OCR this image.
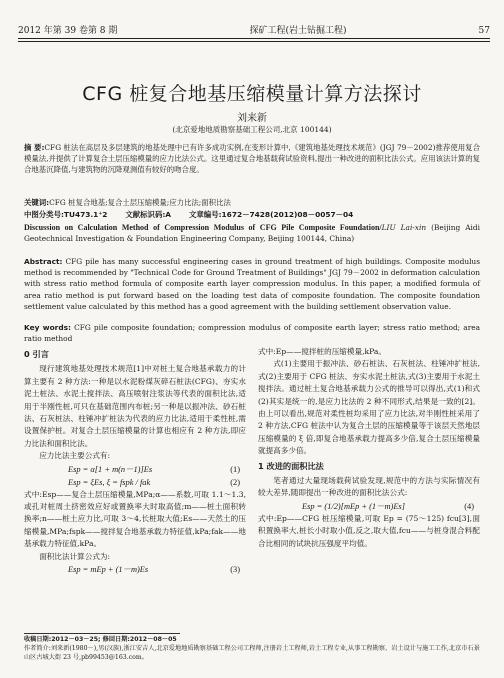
2012 年第 39 卷第 8 期	探矿工程(岩土钻掘工程)	57
CFG 桩复合地基压缩模量计算方法探讨
刘来新
(北京爱地地质勘察基础工程公司,北京 100144)
摘 要:CFG 桩法在高层及多层建筑的地基处理中已有许多成功实例,在变形计算中,《建筑地基处理技术规范》(JGJ 79－2002)推荐使用复合模量法,并提供了计算复合土层压缩模量的应力比法公式。这里通过复合地基载荷试验资料,提出一种改进的面积比法公式。应用该法计算的复合地基沉降值,与建筑物的沉降观测值有较好的吻合度。
关键词:CFG 桩复合地基;复合土层压缩模量;应力比法;面积比法
中图分类号:TU473.1⁺2 文献标识码:A 文章编号:1672－7428(2012)08－0057－04
Discussion on Calculation Method of Compression Modulus of CFG Pile Composite Foundation/LIU Lai-xin (Beijing Aidi Geotechnical Investigation & Foundation Engineering Company, Beijing 100144, China)
Abstract: CFG pile has many successful engineering cases in ground treatment of high buildings. Composite modulus method is recommended by "Technical Code for Ground Treatment of Buildings" JGJ 79－2002 in deformation calculation with stress ratio method formula of composite earth layer compression modulus. In this paper, a modified formula of area ratio method is put forward based on the loading test data of composite foundation. The composite foundation settlement value calculated by this method has a good agreement with the building settlement observation value.
Key words: CFG pile composite foundation; compression modulus of composite earth layer; stress ratio method; area ratio method
0 引言

现行建筑地基处理技术规范[1]中对桩土复合地基承载力的计算主要有 2 种方法:一种是以水泥粉煤灰碎石桩法(CFG)、夯实水泥土桩法、水泥土搅拌法、高压喷射注浆法等代表的面积比法,适用于半刚性桩,可只在基础范围内布桩;另一种是以振冲法、砂石桩法、石灰桩法、柱锤冲扩桩法为代表的应力比法,适用于柔性桩,需设置保护桩。对复合土层压缩模量的计算也相应有 2 种方法,即应力比法和面积比法。

应力比法主要公式有:

Esp = α[1 + m(n－1)]Es	(1)
Esp = ξEs, ξ = fspk / fak	(2)

式中:Esp——复合土层压缩模量,MPa;α——系数,可取 1.1～1.3,或孔对桩周土挤密效应好或置换率大时取高值;m——桩土面积转换率;n——桩土应力比,可取 3～4,长桩取大值;Es——天然土的压缩模量,MPa;fspk——搅拌复合地基承载力特征值,kPa;fak——地基承载力特征值,kPa。

面积比法计算公式为:

Esp = mEp + (1－m)Es	(3)

式中:Ep——搅拌桩的压缩模量,kPa。

式(1)主要用于振冲法、砂石桩法、石灰桩法、柱锤冲扩桩法,式(2)主要用于 CFG 桩法、夯实水泥土桩法,式(3)主要用于水泥土搅拌法。通过桩土复合地基承载力公式的推导可以得出,式(1)和式(2)其实是统一的,是应力比法的 2 种不同形式,结果是一致的[2]。由上可以看出,规范对柔性桩均采用了应力比法,对半刚性桩采用了 2 种方法,CFG 桩法中认为复合土层的压缩模量等于该层天然地层压缩模量的 ξ 倍,即复合地基承载力提高多少倍,复合土层压缩模量就提高多少倍。

1 改进的面积比法

笔者通过大量现场载荷试验发现,规范中的方法与实际情况有较大差异,随即提出一种改进的面积比法公式:

Esp = (1/2)[mEp + (1－m)Es]	(4)

式中:Ep——CFG 桩压缩模量,可取 Ep = (75～125) fcu[3],面积置换率大,桩长小时取小值,反之,取大值,fcu——与桩身混合料配合比相同的试块抗压强度平均值。

收稿日期:2012－03－25; 修回日期:2012－08－05
作者简介:刘来新(1980－),男(汉族),浙江安吉人,北京爱地地质勘察基础工程公司工程师,注册岩土工程师,岩土工程专业,从事工程勘察、岩土设计与施工工作,北京市石景山区古城大街 23 号,pb99453@163.com。
